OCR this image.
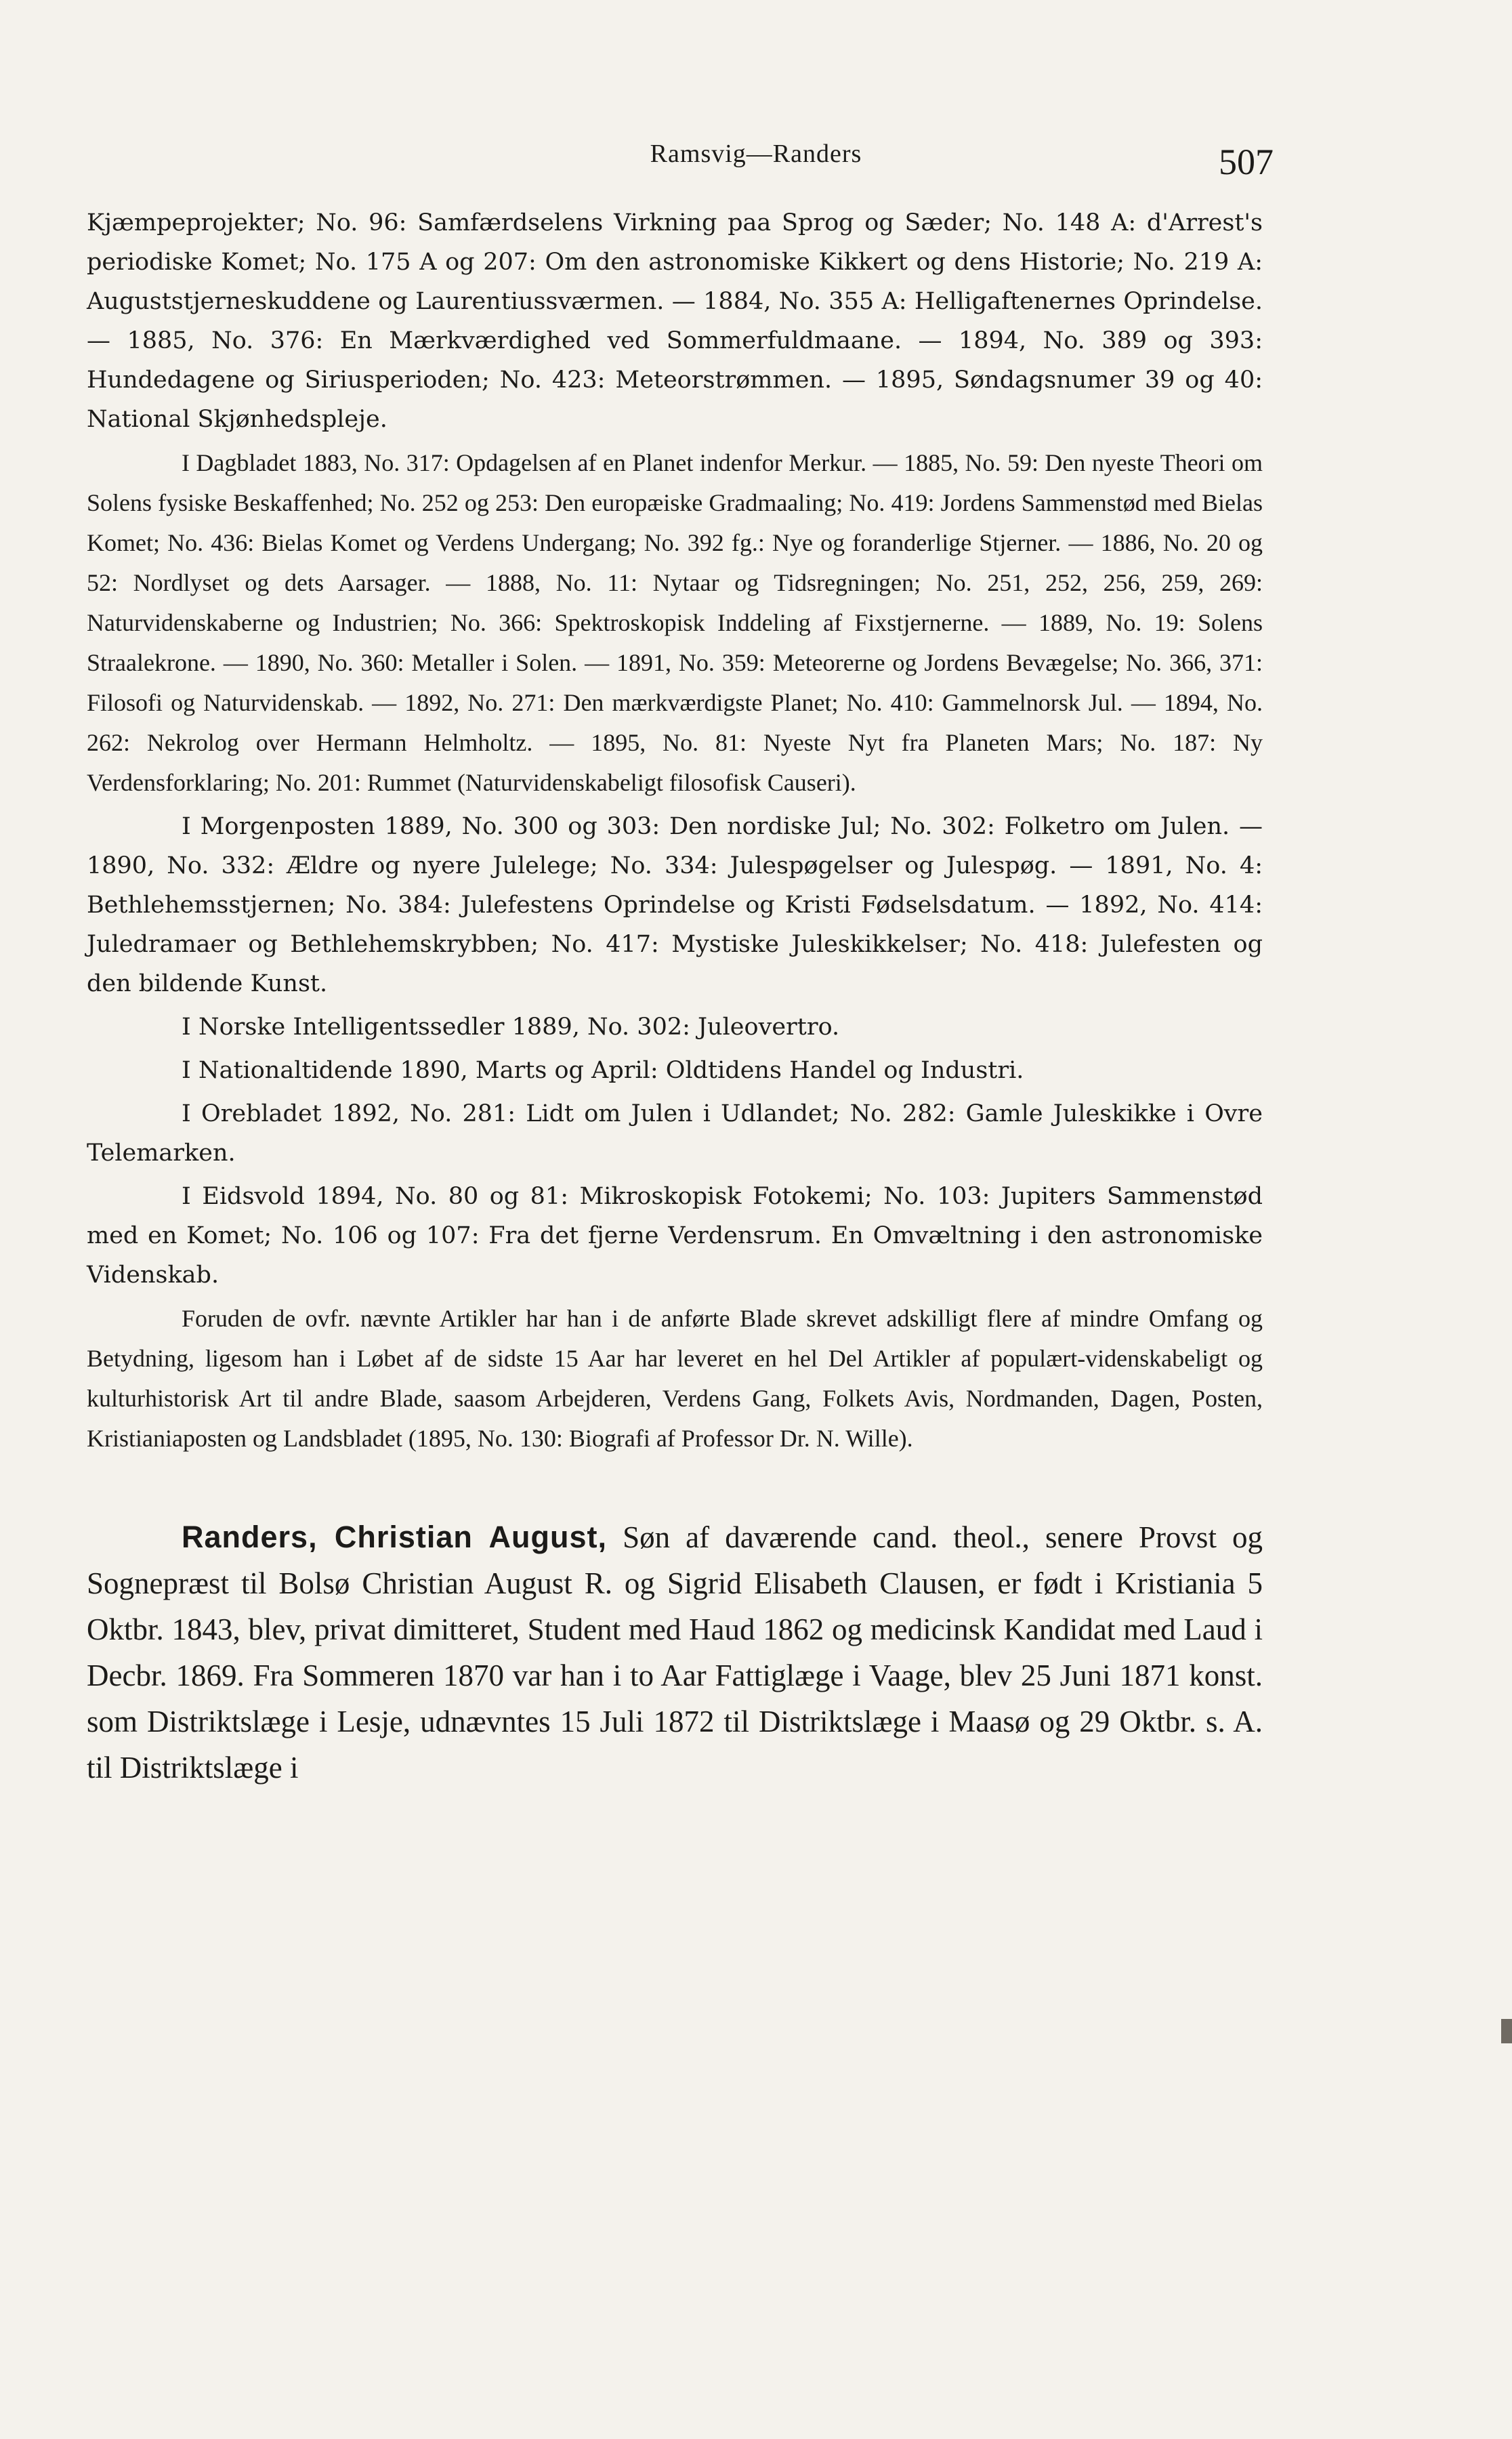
Ramsvig—Randers	507

Kjæmpeprojekter; No. 96: Samfærdselens Virkning paa Sprog og Sæder; No. 148 A: d'Arrest's periodiske Komet; No. 175 A og 207: Om den astronomiske Kikkert og dens Historie; No. 219 A: Auguststjerneskuddene og Laurentiussværmen. — 1884, No. 355 A: Helligaftenernes Oprindelse. — 1885, No. 376: En Mærkværdighed ved Sommerfuldmaane. — 1894, No. 389 og 393: Hundedagene og Siriusperioden; No. 423: Meteorstrømmen. — 1895, Søndagsnumer 39 og 40: National Skjønhedspleje.

I Dagbladet 1883, No. 317: Opdagelsen af en Planet indenfor Merkur. — 1885, No. 59: Den nyeste Theori om Solens fysiske Beskaffenhed; No. 252 og 253: Den europæiske Gradmaaling; No. 419: Jordens Sammenstød med Bielas Komet; No. 436: Bielas Komet og Verdens Undergang; No. 392 fg.: Nye og foranderlige Stjerner. — 1886, No. 20 og 52: Nordlyset og dets Aarsager. — 1888, No. 11: Nytaar og Tidsregningen; No. 251, 252, 256, 259, 269: Naturvidenskaberne og Industrien; No. 366: Spektroskopisk Inddeling af Fixstjernerne. — 1889, No. 19: Solens Straalekrone. — 1890, No. 360: Metaller i Solen. — 1891, No. 359: Meteorerne og Jordens Bevægelse; No. 366, 371: Filosofi og Naturvidenskab. — 1892, No. 271: Den mærkværdigste Planet; No. 410: Gammelnorsk Jul. — 1894, No. 262: Nekrolog over Hermann Helmholtz. — 1895, No. 81: Nyeste Nyt fra Planeten Mars; No. 187: Ny Verdensforklaring; No. 201: Rummet (Naturvidenskabeligt filosofisk Causeri).

I Morgenposten 1889, No. 300 og 303: Den nordiske Jul; No. 302: Folketro om Julen. — 1890, No. 332: Ældre og nyere Julelege; No. 334: Julespøgelser og Julespøg. — 1891, No. 4: Bethlehemsstjernen; No. 384: Julefestens Oprindelse og Kristi Fødselsdatum. — 1892, No. 414: Juledramaer og Bethlehemskrybben; No. 417: Mystiske Juleskikkelser; No. 418: Julefesten og den bildende Kunst.

I Norske Intelligentssedler 1889, No. 302: Juleovertro.

I Nationaltidende 1890, Marts og April: Oldtidens Handel og Industri.

I Orebladet 1892, No. 281: Lidt om Julen i Udlandet; No. 282: Gamle Juleskikke i Ovre Telemarken.

I Eidsvold 1894, No. 80 og 81: Mikroskopisk Fotokemi; No. 103: Jupiters Sammenstød med en Komet; No. 106 og 107: Fra det fjerne Verdensrum. En Omvæltning i den astronomiske Videnskab.

Foruden de ovfr. nævnte Artikler har han i de anførte Blade skrevet adskilligt flere af mindre Omfang og Betydning, ligesom han i Løbet af de sidste 15 Aar har leveret en hel Del Artikler af populært-videnskabeligt og kulturhistorisk Art til andre Blade, saasom Arbejderen, Verdens Gang, Folkets Avis, Nordmanden, Dagen, Posten, Kristianiaposten og Landsbladet (1895, No. 130: Biografi af Professor Dr. N. Wille).

Randers, Christian August, Søn af daværende cand. theol., senere Provst og Sognepræst til Bolsø Christian August R. og Sigrid Elisabeth Clausen, er født i Kristiania 5 Oktbr. 1843, blev, privat dimitteret, Student med Haud 1862 og medicinsk Kandidat med Laud i Decbr. 1869. Fra Sommeren 1870 var han i to Aar Fattiglæge i Vaage, blev 25 Juni 1871 konst. som Distriktslæge i Lesje, udnævntes 15 Juli 1872 til Distriktslæge i Maasø og 29 Oktbr. s. A. til Distriktslæge i
